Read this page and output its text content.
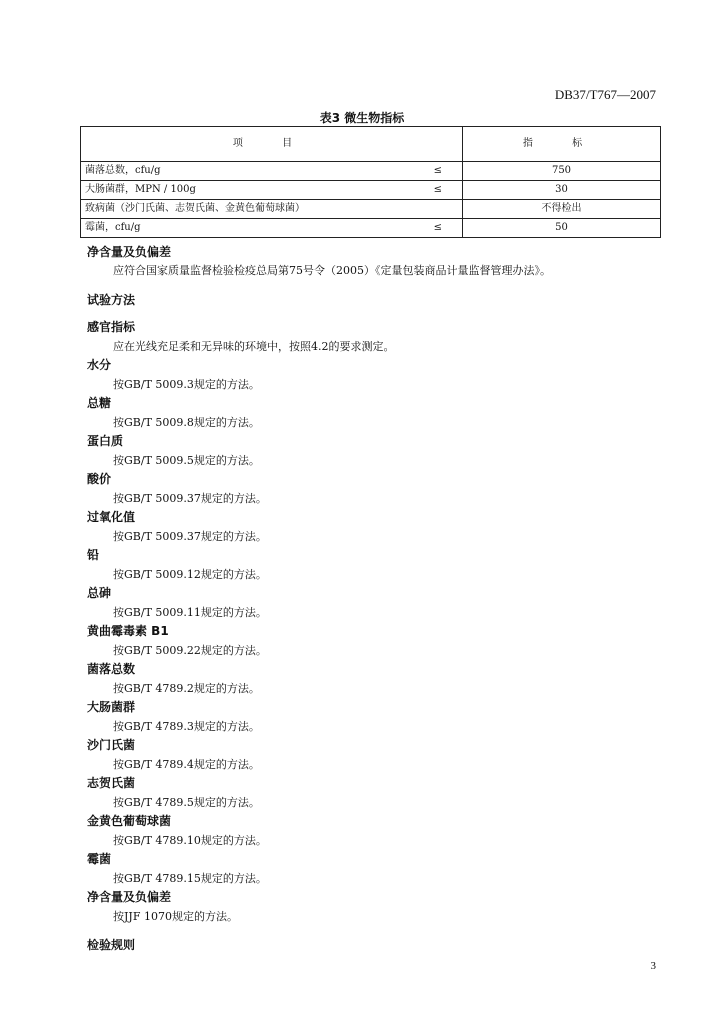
DB37/T767—2007
表3 微生物指标
项 目		指 标
菌落总数，cfu/g	≤	750
大肠菌群，MPN / 100g	≤	30
致病菌（沙门氏菌、志贺氏菌、金黄色葡萄球菌）		不得检出
霉菌，cfu/g	≤	50
净含量及负偏差
应符合国家质量监督检验检疫总局第75号令（2005）《定量包装商品计量监督管理办法》。
试验方法
感官指标
应在光线充足柔和无异味的环境中，按照4.2的要求测定。
水分
按GB/T 5009.3规定的方法。
总糖
按GB/T 5009.8规定的方法。
蛋白质
按GB/T 5009.5规定的方法。
酸价
按GB/T 5009.37规定的方法。
过氧化值
按GB/T 5009.37规定的方法。
铅
按GB/T 5009.12规定的方法。
总砷
按GB/T 5009.11规定的方法。
黄曲霉毒素 B1
按GB/T 5009.22规定的方法。
菌落总数
按GB/T 4789.2规定的方法。
大肠菌群
按GB/T 4789.3规定的方法。
沙门氏菌
按GB/T 4789.4规定的方法。
志贺氏菌
按GB/T 4789.5规定的方法。
金黄色葡萄球菌
按GB/T 4789.10规定的方法。
霉菌
按GB/T 4789.15规定的方法。
净含量及负偏差
按JJF 1070规定的方法。
检验规则
3
